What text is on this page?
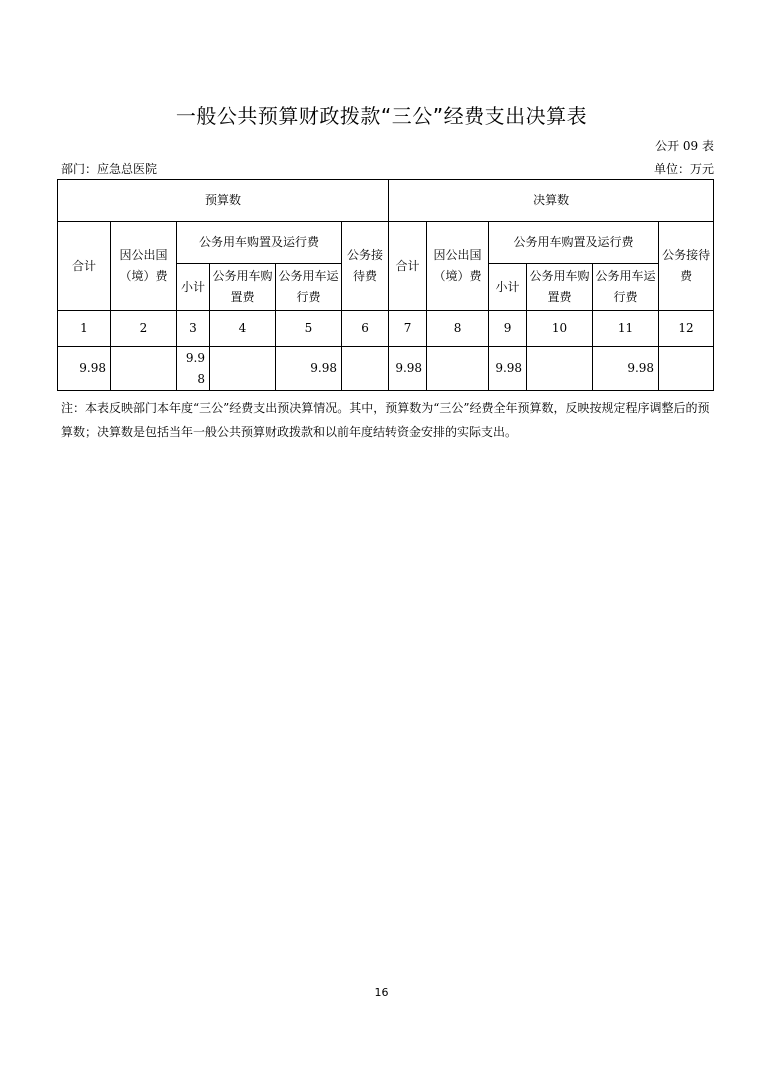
一般公共预算财政拨款“三公”经费支出决算表
公开 09 表
部门：应急总医院	单位：万元
预算数						决算数					
合计	因公出国（境）费	公务用车购置及运行费			公务接待费	合计	因公出国（境）费	公务用车购置及运行费			公务接待费
		小计	公务用车购置费	公务用车运行费				小计	公务用车购置费	公务用车运行费	
1	2	3	4	5	6	7	8	9	10	11	12
9.98		9.98		9.98		9.98		9.98		9.98	
注：本表反映部门本年度“三公”经费支出预决算情况。其中，预算数为“三公”经费全年预算数，反映按规定程序调整后的预算数；决算数是包括当年一般公共预算财政拨款和以前年度结转资金安排的实际支出。
16
